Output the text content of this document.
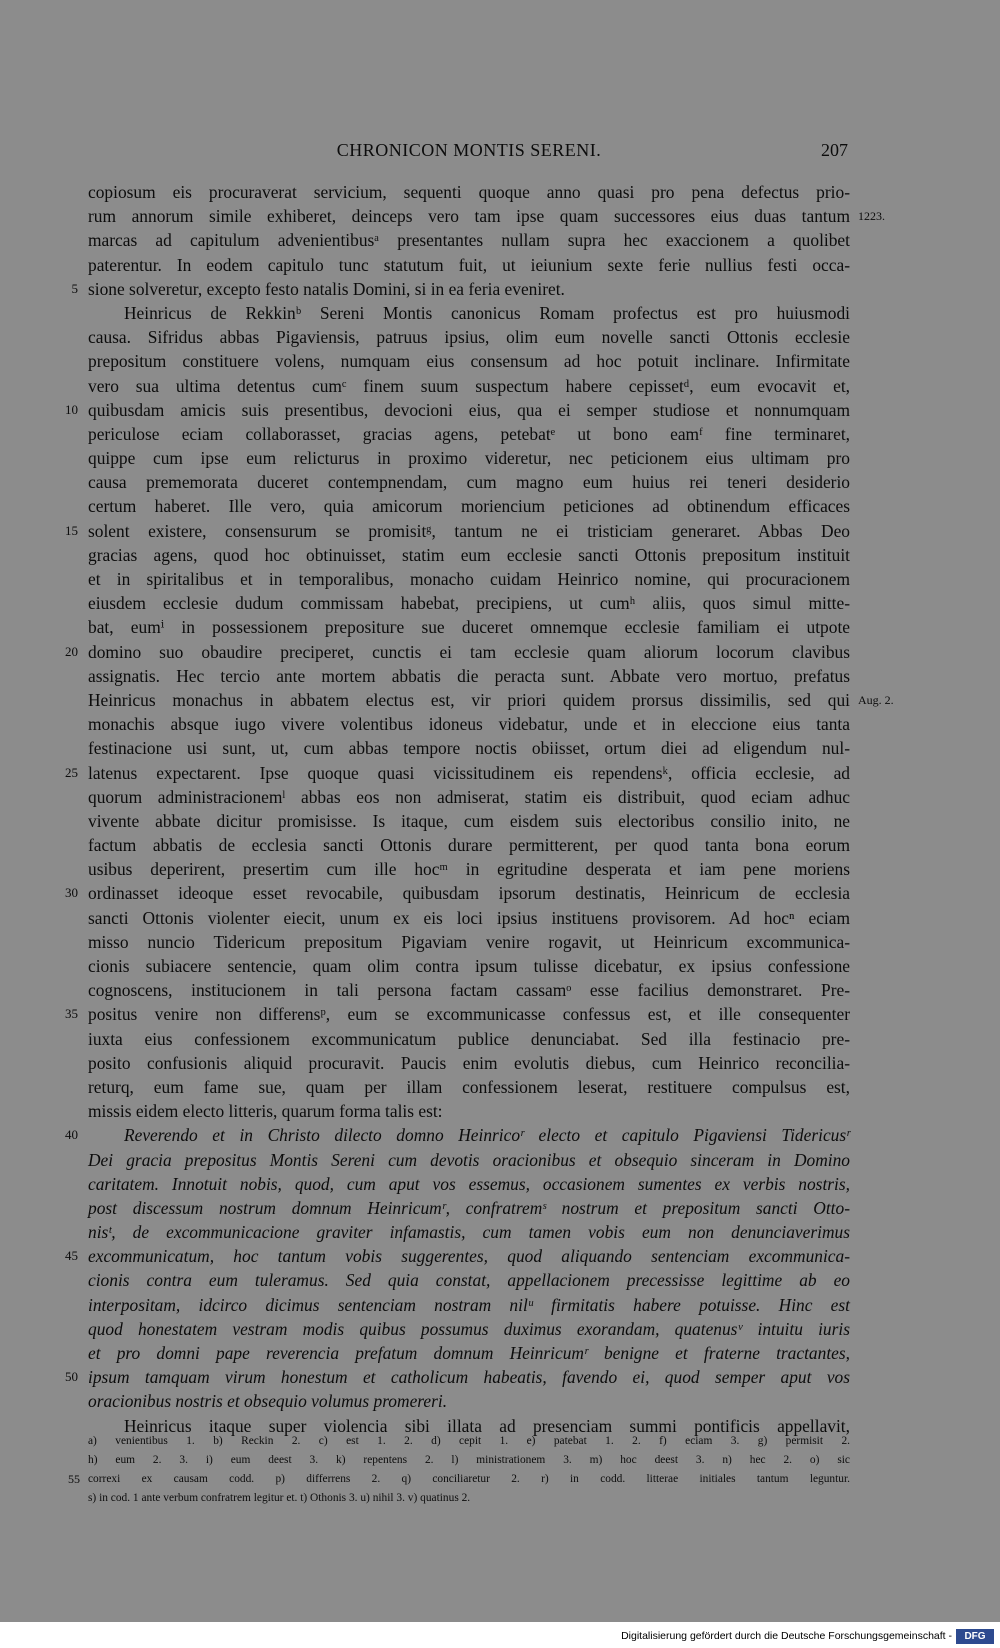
CHRONICON MONTIS SERENI.	207
copiosum eis procuraverat servicium, sequenti quoque anno quasi pro pena defectus prio-
1223.
rum annorum simile exhiberet, deinceps vero tam ipse quam successores eius duas tantum
marcas ad capitulum advenientibusᵃ presentantes nullam supra hec exaccionem a quolibet
paterentur. In eodem capitulo tunc statutum fuit, ut ieiunium sexte ferie nullius festi occa-
5 sione solveretur, excepto festo natalis Domini, si in ea feria eveniret.
Heinricus de Rekkinᵇ Sereni Montis canonicus Romam profectus est pro huiusmodi
causa. Sifridus abbas Pigaviensis, patruus ipsius, olim eum novelle sancti Ottonis ecclesie
prepositum constituere volens, numquam eius consensum ad hoc potuit inclinare. Infirmitate
vero sua ultima detentus cumᶜ finem suum suspectum habere cepissetᵈ, eum evocavit et,
10 quibusdam amicis suis presentibus, devocioni eius, qua ei semper studiose et nonnumquam
periculose eciam collaborasset, gracias agens, petebatᵉ ut bono eamᶠ fine terminaret,
quippe cum ipse eum relicturus in proximo videretur, nec peticionem eius ultimam pro
causa prememorata duceret contempnendam, cum magno eum huius rei teneri desiderio
certum haberet. Ille vero, quia amicorum moriencium peticiones ad obtinendum efficaces
15 solent existere, consensurum se promisitᵍ, tantum ne ei tristiciam generaret. Abbas Deo
gracias agens, quod hoc obtinuisset, statim eum ecclesie sancti Ottonis prepositum instituit
et in spiritalibus et in temporalibus, monacho cuidam Heinrico nomine, qui procuracionem
eiusdem ecclesie dudum commissam habebat, precipiens, ut cumʰ aliis, quos simul mitte-
bat, eumⁱ in possessionem preposituге sue duceret omnemque ecclesie familiam ei utpote
20 domino suo obaudire preciperet, cunctis ei tam ecclesie quam aliorum locorum clavibus
assignatis. Hec tercio ante mortem abbatis die peracta sunt. Abbate vero mortuo, prefatus
Aug. 2.
Heinricus monachus in abbatem electus est, vir priori quidem prorsus dissimilis, sed qui
monachis absque iugo vivere volentibus idoneus videbatur, unde et in eleccione eius tanta
festinacione usi sunt, ut, cum abbas tempore noctis obiisset, ortum diei ad eligendum nul-
25 latenus expectarent. Ipse quoque quasi vicissitudinem eis rependensᵏ, officia ecclesie, ad
quorum administracionemˡ abbas eos non admiserat, statim eis distribuit, quod eciam adhuc
vivente abbate dicitur promisisse. Is itaque, cum eisdem suis electoribus consilio inito, ne
factum abbatis de ecclesia sancti Ottonis durare permitterent, per quod tanta bona eorum
usibus deperirent, presertim cum ille hocᵐ in egritudine desperata et iam pene moriens
30 ordinasset ideoque esset revocabile, quibusdam ipsorum destinatis, Heinricum de ecclesia
sancti Ottonis violenter eiecit, unum ex eis loci ipsius instituens provisorem. Ad hocⁿ eciam
misso nuncio Tidericum prepositum Pigaviam venire rogavit, ut Heinricum excommunica-
cionis subiacere sentencie, quam olim contra ipsum tulisse dicebatur, ex ipsius confessione
cognoscens, institucionem in tali persona factam cassamᵒ esse facilius demonstraret. Pre-
35 positus venire non differensᵖ, eum se excommunicasse confessus est, et ille consequenter
iuxta eius confessionem excommunicatum publice denunciabat. Sed illa festinacio pre-
posito confusionis aliquid procuravit. Paucis enim evolutis diebus, cum Heinrico reconcilia-
returq, eum fame sue, quam per illam confessionem leserat, restituere compulsus est,
missis eidem electo litteris, quarum forma talis est:
40	Reverendo et in Christo dilecto domno Heinricoʳ electo et capitulo Pigaviensi Tidericusʳ
Dei gracia prepositus Montis Sereni cum devotis oracionibus et obsequio sinceram in Domino
caritatem. Innotuit nobis, quod, cum aput vos essemus, occasionem sumentes ex verbis nostris,
post discessum nostrum domnum Heinricumʳ, confratremˢ nostrum et prepositum sancti Otto-
nisᵗ, de excommunicacione graviter infamastis, cum tamen vobis eum non denunciaverimus
45 excommunicatum, hoc tantum vobis suggerentes, quod aliquando sentenciam excommunica-
cionis contra eum tuleramus. Sed quia constat, appellacionem precessisse legittime ab eo
interpositam, idcirco dicimus sentenciam nostram nilᵘ firmitatis habere potuisse. Hinc est
quod honestatem vestram modis quibus possumus duximus exorandam, quatenusᵛ intuitu iuris
et pro domni pape reverencia prefatum domnum Heinricumʳ benigne et fraterne tractantes,
50 ipsum tamquam virum honestum et catholicum habeatis, favendo ei, quod semper aput vos
oracionibus nostris et obsequio volumus promereri.
Heinricus itaque super violencia sibi illata ad presenciam summi pontificis appellavit,
a) venientibus 1. b) Reckin 2. c) est 1. 2. d) cepit 1. e) patebat 1. 2. f) eciam 3. g) permisit 2.
h) eum 2. 3. i) eum deest 3. k) repentens 2. l) ministrationem 3. m) hoc deest 3. n) hec 2. o) sic
55 correxi ex causam codd. p) differrens 2. q) conciliaretur 2. r) in codd. litterae initiales tantum leguntur.
s) in cod. 1 ante verbum confratrem legitur et. t) Othonis 3. u) nihil 3. v) quatinus 2.
Digitalisierung gefördert durch die Deutsche Forschungsgemeinschaft -	DFG
